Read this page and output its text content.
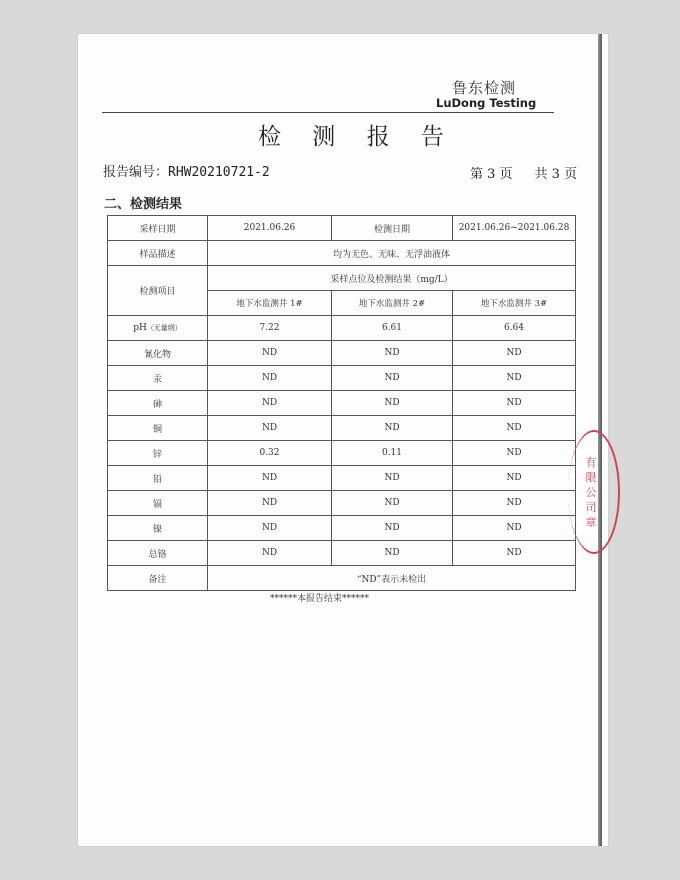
鲁东检测
LuDong Testing
检 测 报 告
报告编号：RHW20210721-2	第 3 页 共 3 页
二、检测结果
采样日期	2021.06.26	检测日期	2021.06.26~2021.06.28
样品描述	均为无色、无味、无浮油液体		
检测项目	采样点位及检测结果（mg/L）		
	地下水监测井 1#	地下水监测井 2#	地下水监测井 3#
pH（无量纲）	7.22	6.61	6.64
氰化物	ND	ND	ND
汞	ND	ND	ND
砷	ND	ND	ND
铜	ND	ND	ND
锌	0.32	0.11	ND
铅	ND	ND	ND
镉	ND	ND	ND
镍	ND	ND	ND
总铬	ND	ND	ND
备注	“ND”表示未检出		
******本报告结束******
有
限
公
司
章
